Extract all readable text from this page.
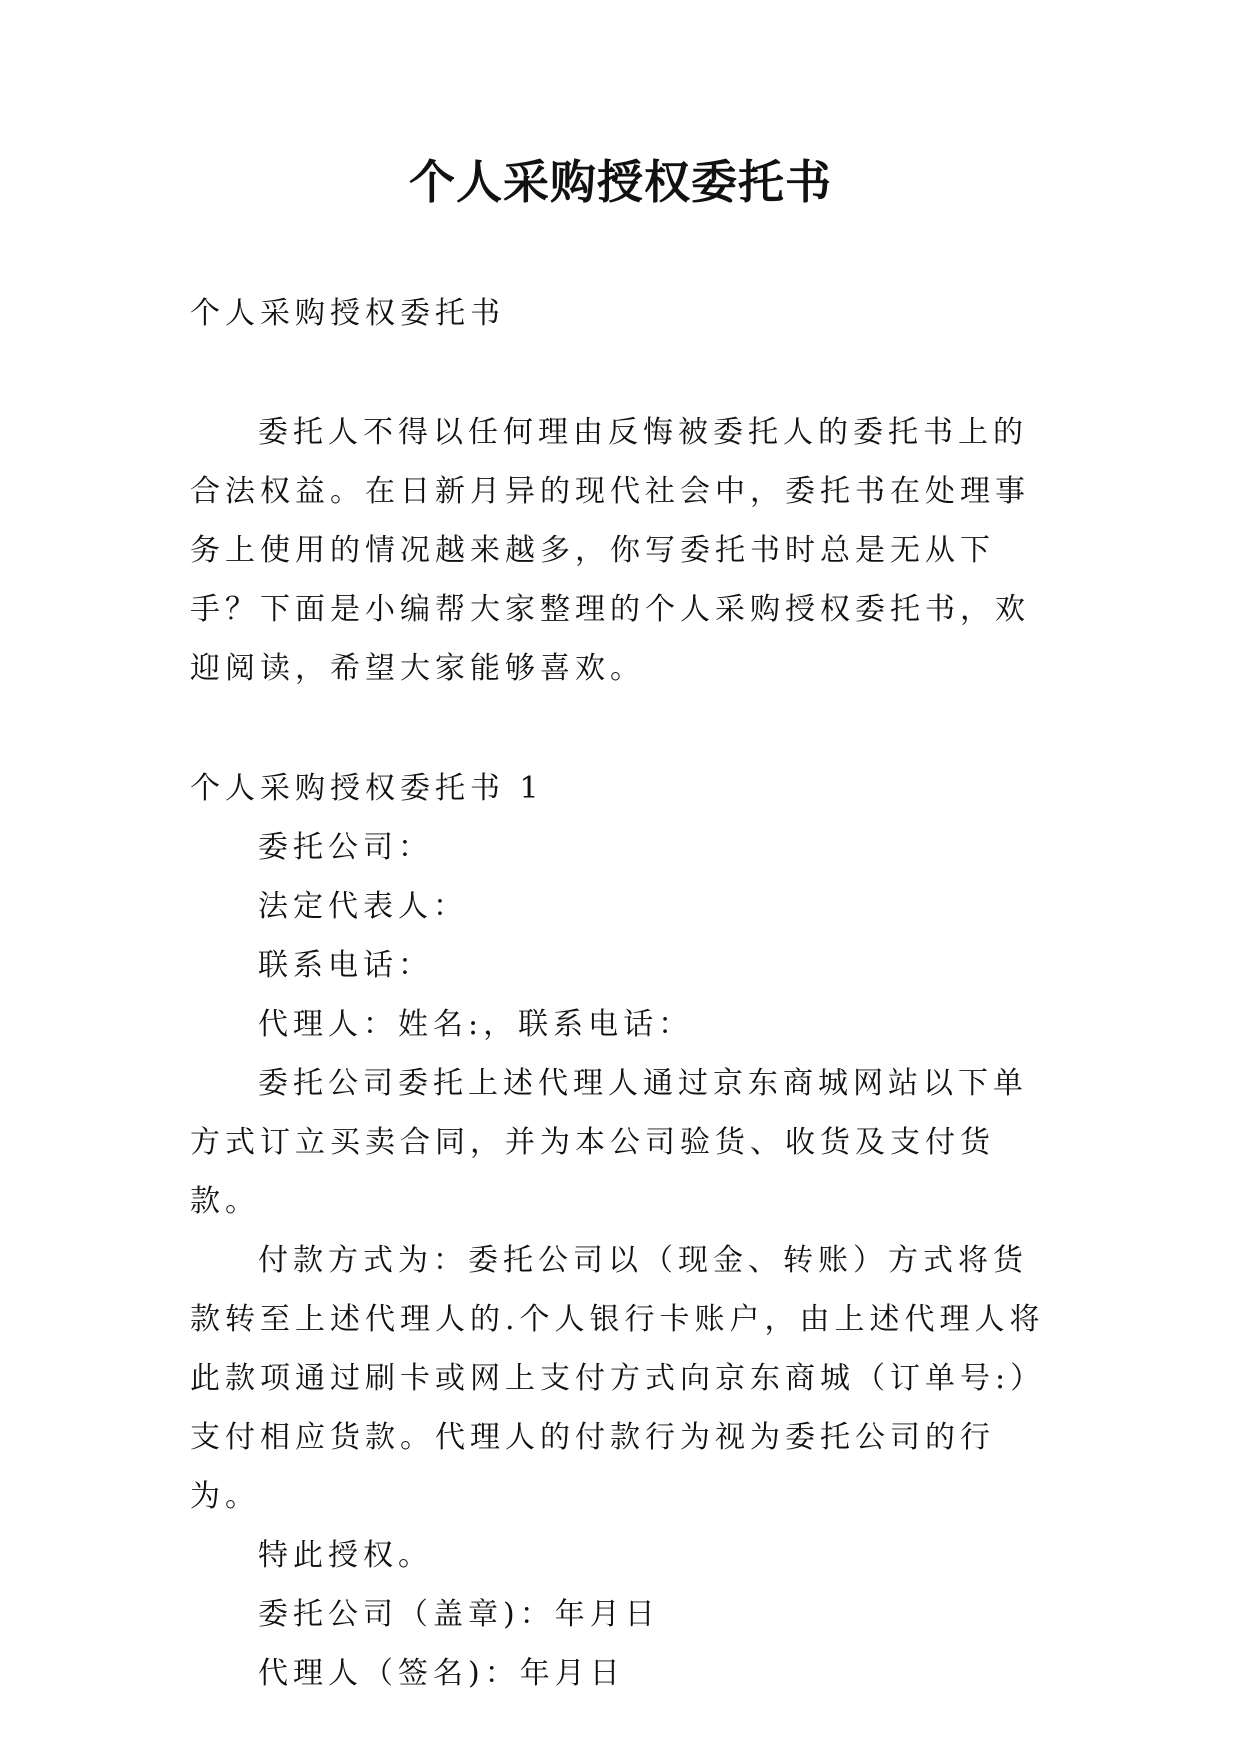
个人采购授权委托书

个人采购授权委托书

委托人不得以任何理由反悔被委托人的委托书上的合法权益。在日新月异的现代社会中，委托书在处理事务上使用的情况越来越多，你写委托书时总是无从下手？下面是小编帮大家整理的个人采购授权委托书，欢迎阅读，希望大家能够喜欢。

个人采购授权委托书 1

委托公司：

法定代表人：

联系电话：

代理人：姓名:，联系电话：

委托公司委托上述代理人通过京东商城网站以下单方式订立买卖合同，并为本公司验货、收货及支付货款。

付款方式为：委托公司以（现金、转账）方式将货款转至上述代理人的.个人银行卡账户，由上述代理人将此款项通过刷卡或网上支付方式向京东商城（订单号:）支付相应货款。代理人的付款行为视为委托公司的行为。

特此授权。

委托公司（盖章)：年月日

代理人（签名)：年月日
